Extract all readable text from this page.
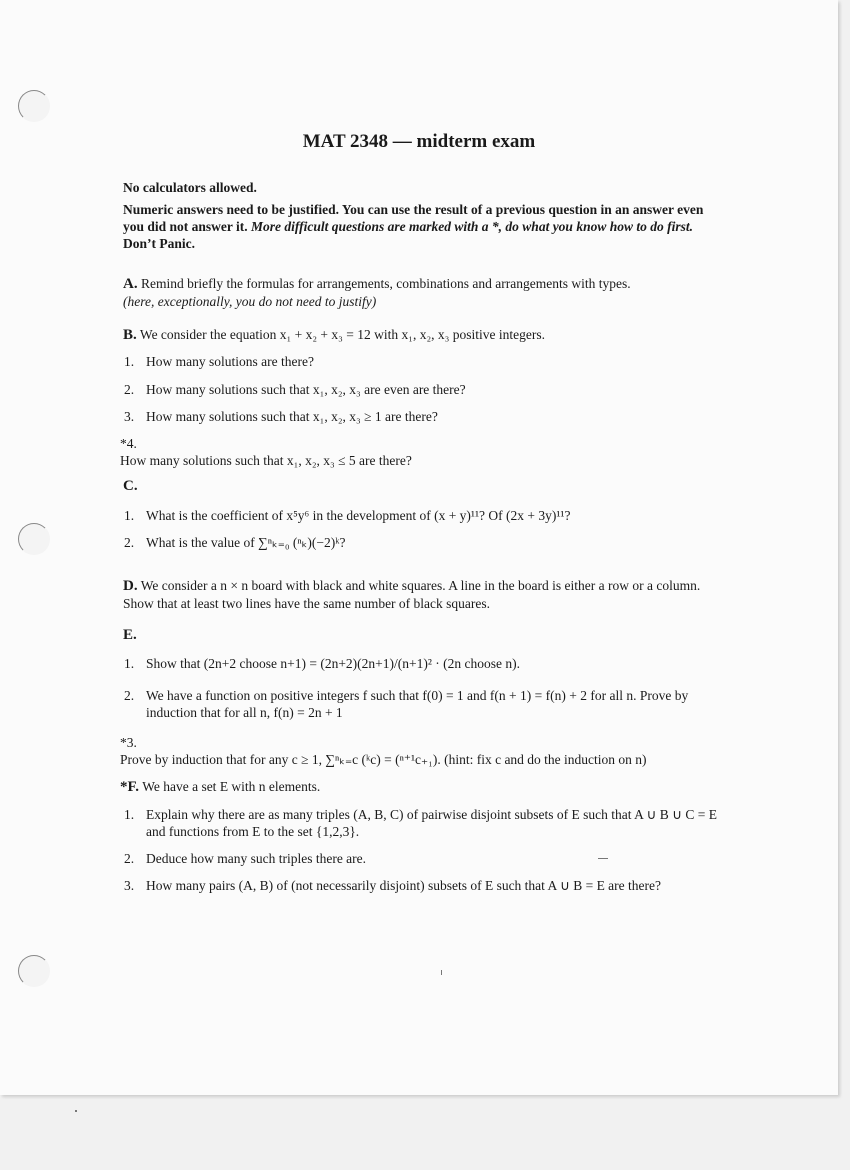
MAT 2348 — midterm exam
No calculators allowed.
Numeric answers need to be justified. You can use the result of a previous question in an answer even you did not answer it. More difficult questions are marked with a *, do what you know how to do first. Don’t Panic.
A. Remind briefly the formulas for arrangements, combinations and arrangements with types.
(here, exceptionally, you do not need to justify)
B. We consider the equation x₁ + x₂ + x₃ = 12 with x₁, x₂, x₃ positive integers.
1. How many solutions are there?
2. How many solutions such that x₁, x₂, x₃ are even are there?
3. How many solutions such that x₁, x₂, x₃ ≥ 1 are there?
*4.How many solutions such that x₁, x₂, x₃ ≤ 5 are there?
C.
1. What is the coefficient of x⁵y⁶ in the development of (x + y)¹¹? Of (2x + 3y)¹¹?
2. What is the value of ∑ⁿₖ₌₀ (ⁿₖ)(−2)ᵏ?
D. We consider a n × n board with black and white squares. A line in the board is either a row or a column. Show that at least two lines have the same number of black squares.
E.
1. Show that (2n+2 choose n+1) = (2n+2)(2n+1)/(n+1)² · (2n choose n).
2. We have a function on positive integers f such that f(0) = 1 and f(n + 1) = f(n) + 2 for all n. Prove by induction that for all n, f(n) = 2n + 1
*3.Prove by induction that for any c ≥ 1, ∑ⁿₖ₌c (ᵏc) = (ⁿ⁺¹c₊₁). (hint: fix c and do the induction on n)
*F. We have a set E with n elements.
1. Explain why there are as many triples (A, B, C) of pairwise disjoint subsets of E such that A ∪ B ∪ C = E and functions from E to the set {1,2,3}.
2. Deduce how many such triples there are.
3. How many pairs (A, B) of (not necessarily disjoint) subsets of E such that A ∪ B = E are there?
